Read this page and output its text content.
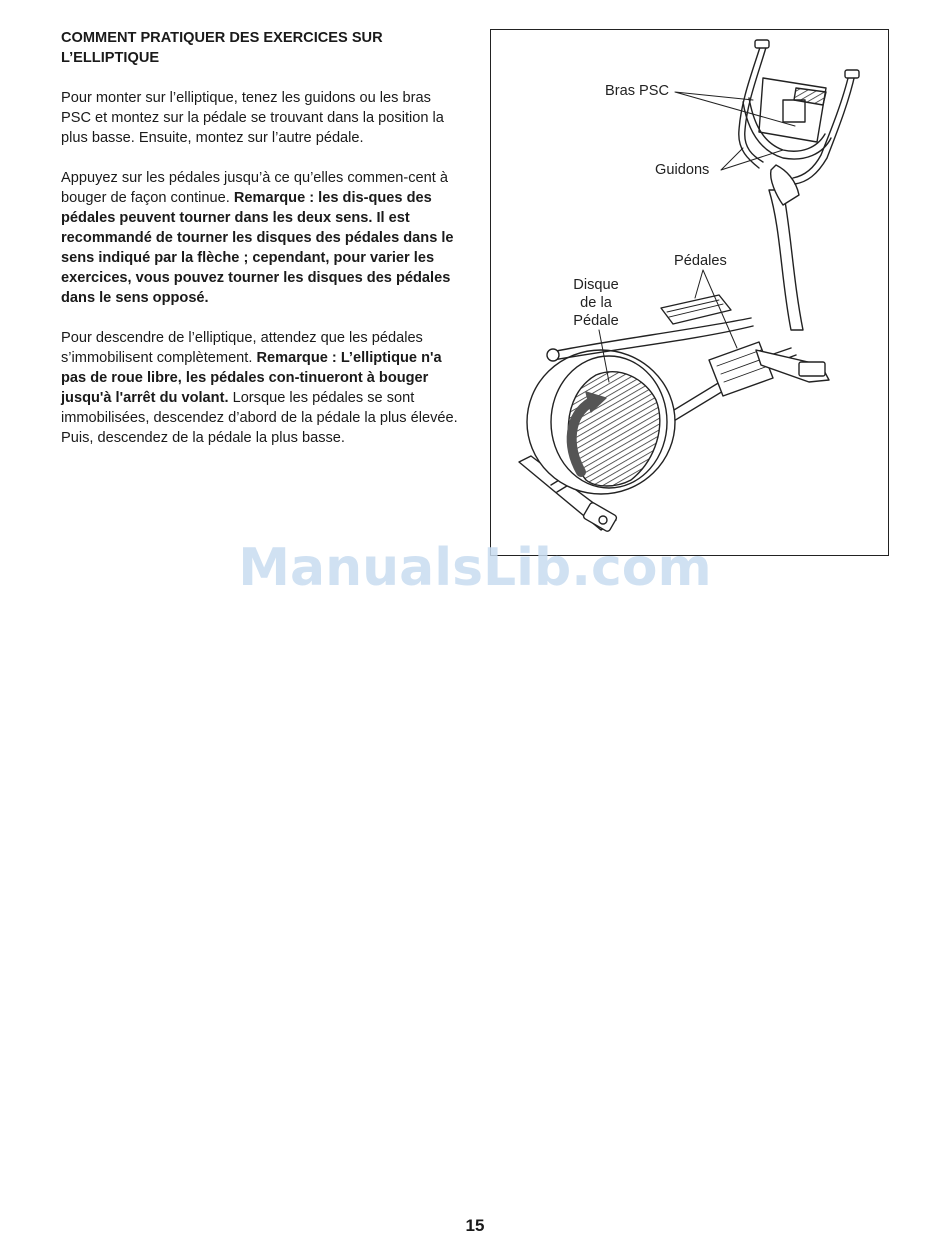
COMMENT PRATIQUER DES EXERCICES SUR
L’ELLIPTIQUE

Pour monter sur l’elliptique, tenez les guidons ou les bras PSC et montez sur la pédale se trouvant dans la position la plus basse. Ensuite, montez sur l’autre pédale.

Appuyez sur les pédales jusqu’à ce qu’elles commen-cent à bouger de façon continue. Remarque : les dis-ques des pédales peuvent tourner dans les deux sens. Il est recommandé de tourner les disques des pédales dans le sens indiqué par la flèche ; cependant, pour varier les exercices, vous pouvez tourner les disques des pédales dans le sens opposé.

Pour descendre de l’elliptique, attendez que les pédales s’immobilisent complètement. Remarque : L’elliptique n'a pas de roue libre, les pédales con-tinueront à bouger jusqu'à l'arrêt du volant. Lorsque les pédales se sont immobilisées, descendez d’abord de la pédale la plus élevée. Puis, descendez de la pédale la plus basse.

Bras PSC
Guidons
Pédales
Disque
de la
Pédale
ManualsLib.com
15
